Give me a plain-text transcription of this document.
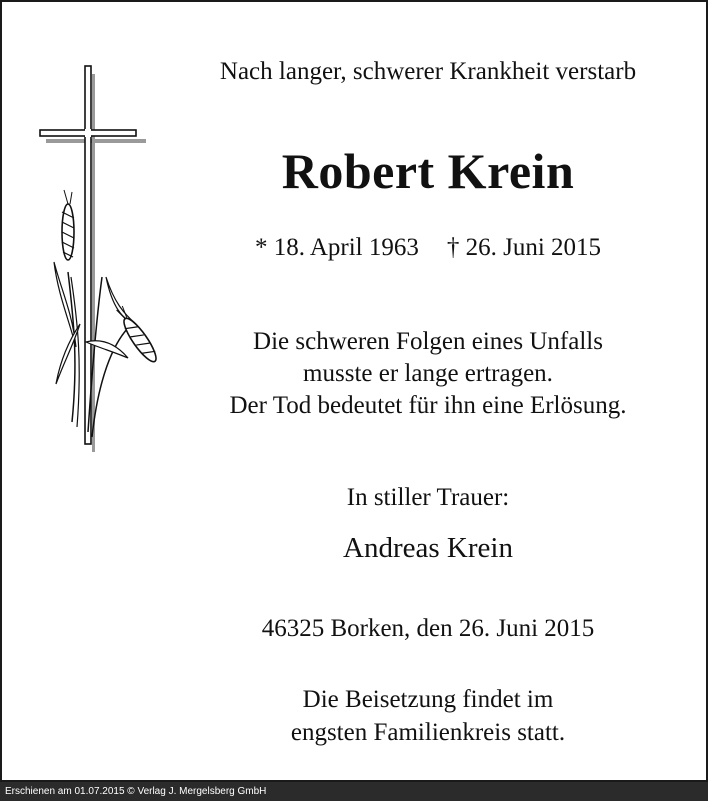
Nach langer, schwerer Krankheit verstarb
Robert Krein
* 18. April 1963 † 26. Juni 2015
Die schweren Folgen eines Unfalls
musste er lange ertragen.
Der Tod bedeutet für ihn eine Erlösung.
In stiller Trauer:
Andreas Krein
46325 Borken, den 26. Juni 2015
Die Beisetzung findet im
engsten Familienkreis statt.
Erschienen am 01.07.2015 © Verlag J. Mergelsberg GmbH
